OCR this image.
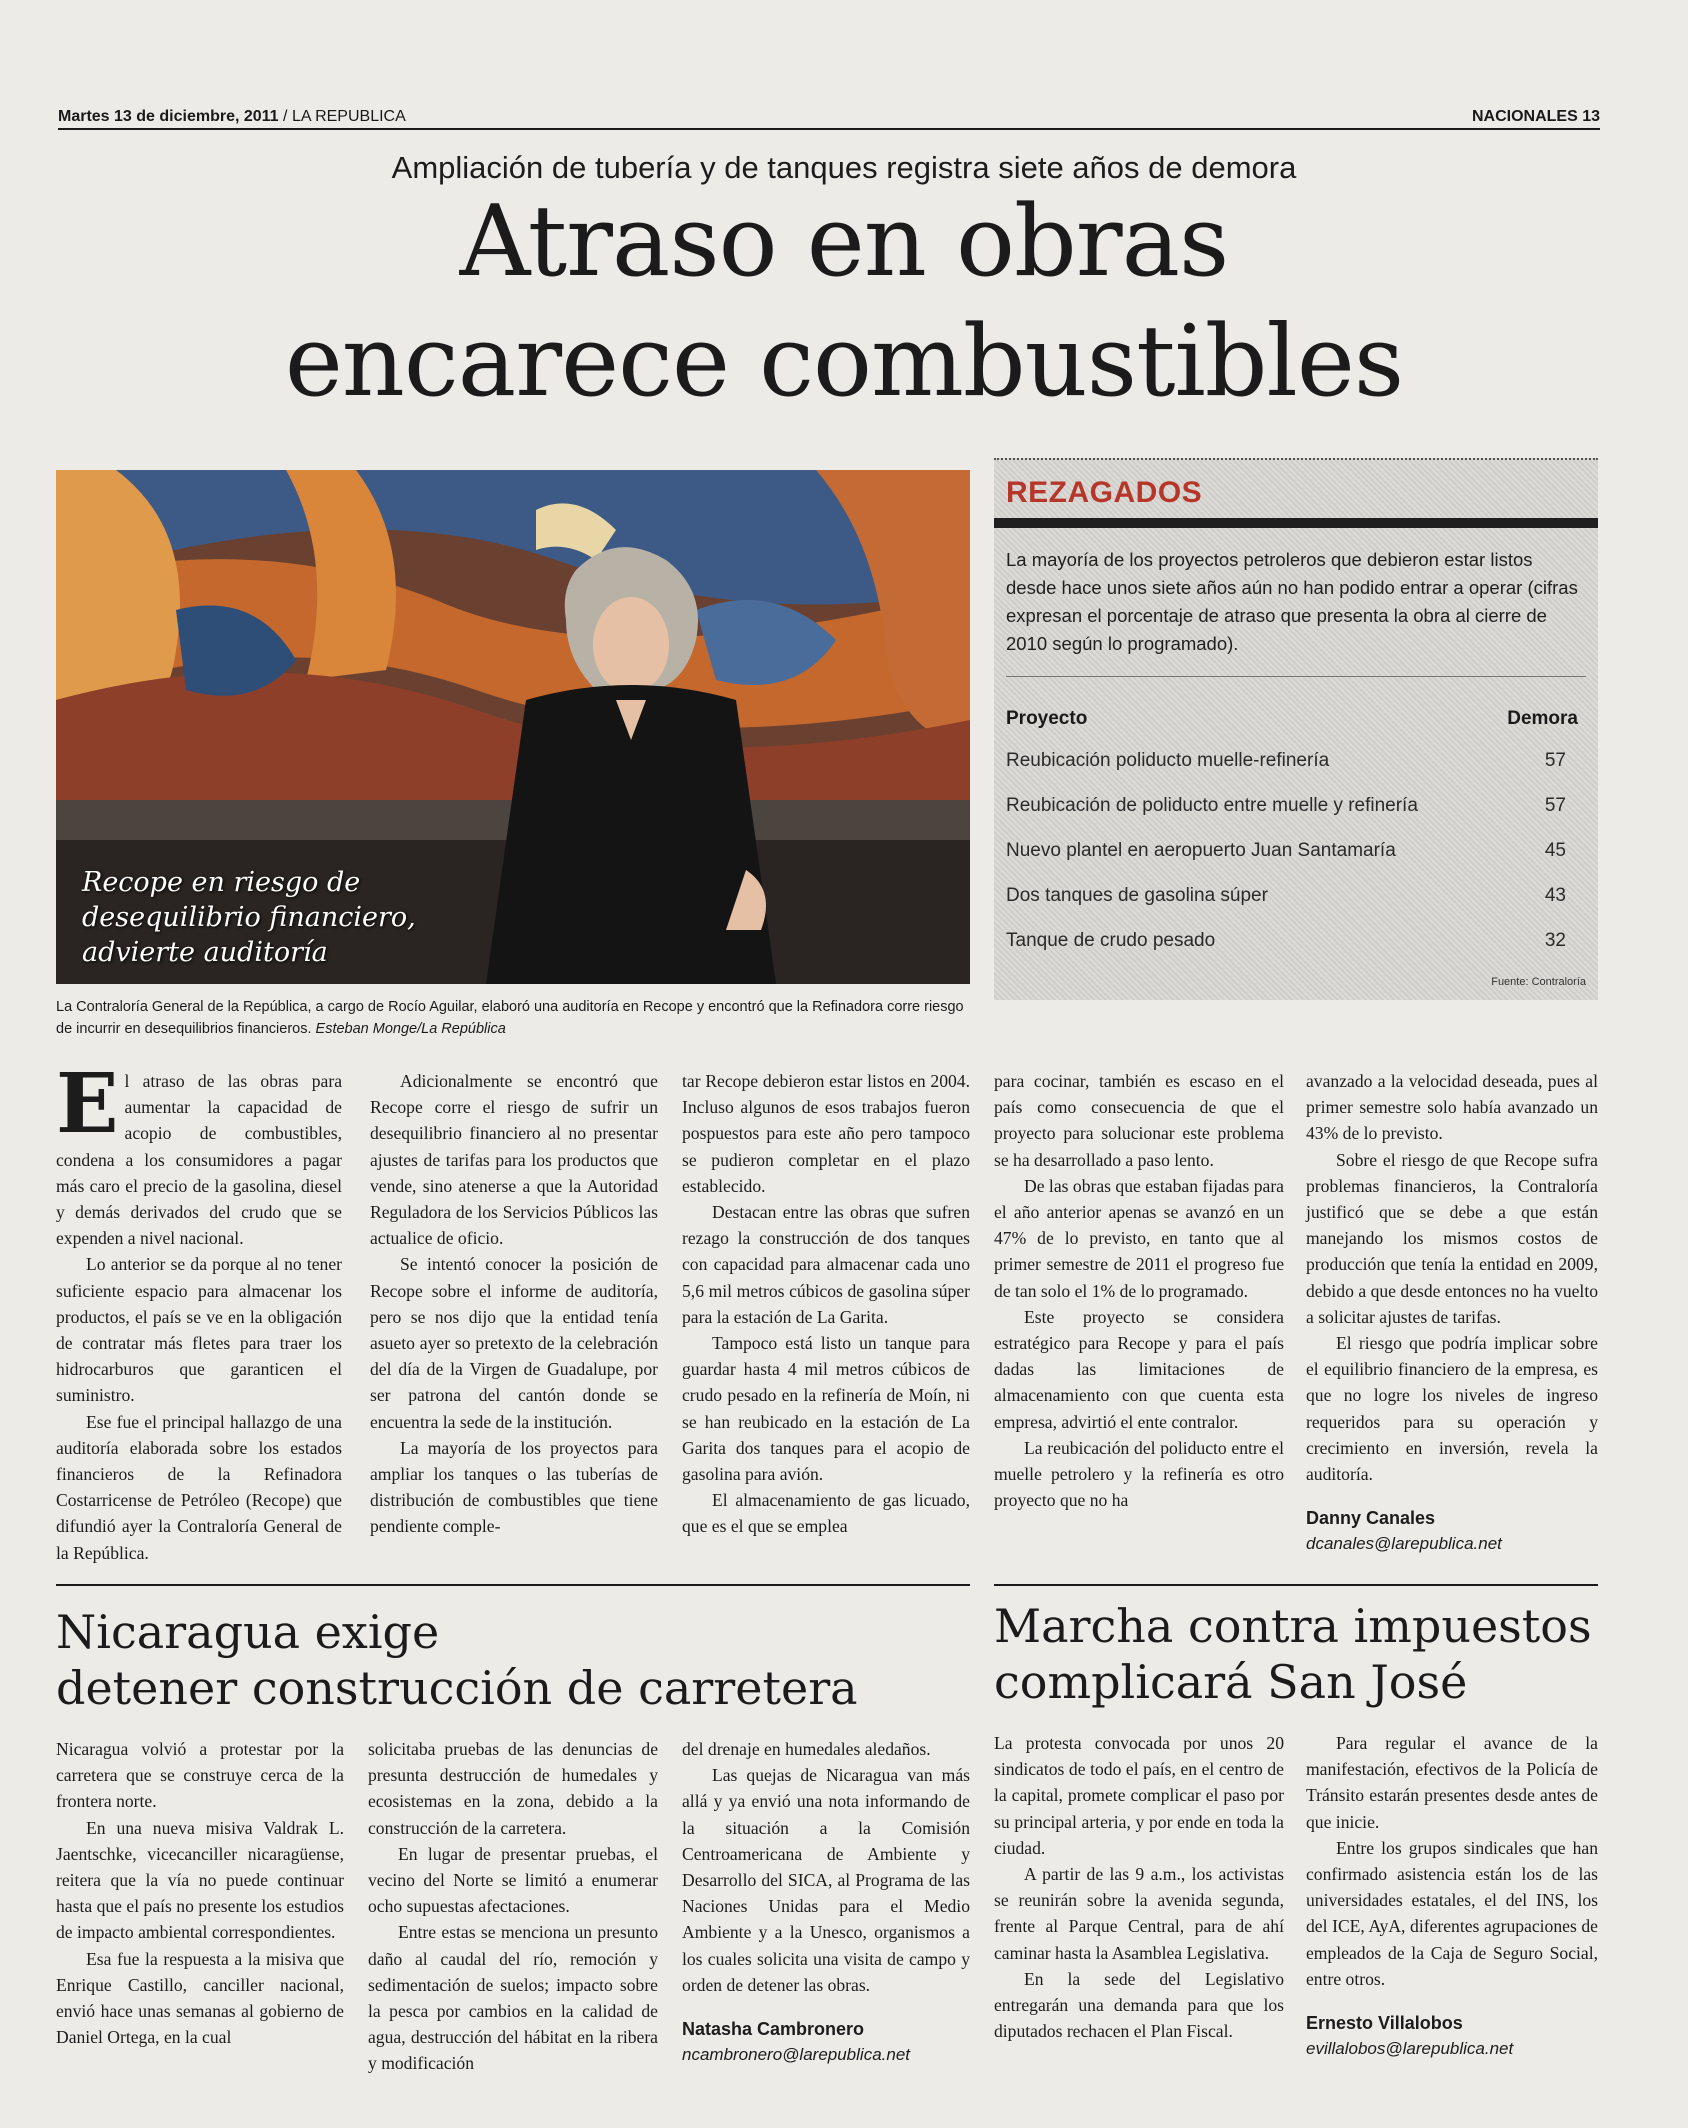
Martes 13 de diciembre, 2011 / LA REPUBLICA	NACIONALES 13
Ampliación de tubería y de tanques registra siete años de demora
Atraso en obras
encarece combustibles
Recope en riesgo de
desequilibrio financiero,
advierte auditoría
La Contraloría General de la República, a cargo de Rocío Aguilar, elaboró una auditoría en Recope y encontró que la Refinadora corre riesgo de incurrir en desequilibrios financieros. Esteban Monge/La República
REZAGADOS
La mayoría de los proyectos petroleros que debieron estar listos desde hace unos siete años aún no han podido entrar a operar (cifras expresan el porcentaje de atraso que presenta la obra al cierre de 2010 según lo programado).
Proyecto	Demora
Reubicación poliducto muelle-refinería	57
Reubicación de poliducto entre muelle y refinería	57
Nuevo plantel en aeropuerto Juan Santamaría	45
Dos tanques de gasolina súper	43
Tanque de crudo pesado	32
Fuente: Contraloría

El atraso de las obras para aumentar la capacidad de acopio de combustibles, condena a los consumidores a pagar más caro el precio de la gasolina, diesel y demás derivados del crudo que se expenden a nivel nacional.

Lo anterior se da porque al no tener suficiente espacio para almacenar los productos, el país se ve en la obligación de contratar más fletes para traer los hidrocarburos que garanticen el suministro.

Ese fue el principal hallazgo de una auditoría elaborada sobre los estados financieros de la Refinadora Costarricense de Petróleo (Recope) que difundió ayer la Contraloría General de la República.

Adicionalmente se encontró que Recope corre el riesgo de sufrir un desequilibrio financiero al no presentar ajustes de tarifas para los productos que vende, sino atenerse a que la Autoridad Reguladora de los Servicios Públicos las actualice de oficio.

Se intentó conocer la posición de Recope sobre el informe de auditoría, pero se nos dijo que la entidad tenía asueto ayer so pretexto de la celebración del día de la Virgen de Guadalupe, por ser patrona del cantón donde se encuentra la sede de la institución.

La mayoría de los proyectos para ampliar los tanques o las tuberías de distribución de combustibles que tiene pendiente comple-

tar Recope debieron estar listos en 2004. Incluso algunos de esos trabajos fueron pospuestos para este año pero tampoco se pudieron completar en el plazo establecido.

Destacan entre las obras que sufren rezago la construcción de dos tanques con capacidad para almacenar cada uno 5,6 mil metros cúbicos de gasolina súper para la estación de La Garita.

Tampoco está listo un tanque para guardar hasta 4 mil metros cúbicos de crudo pesado en la refinería de Moín, ni se han reubicado en la estación de La Garita dos tanques para el acopio de gasolina para avión.

El almacenamiento de gas licuado, que es el que se emplea

para cocinar, también es escaso en el país como consecuencia de que el proyecto para solucionar este problema se ha desarrollado a paso lento.

De las obras que estaban fijadas para el año anterior apenas se avanzó en un 47% de lo previsto, en tanto que al primer semestre de 2011 el progreso fue de tan solo el 1% de lo programado.

Este proyecto se considera estratégico para Recope y para el país dadas las limitaciones de almacenamiento con que cuenta esta empresa, advirtió el ente contralor.

La reubicación del poliducto entre el muelle petrolero y la refinería es otro proyecto que no ha

avanzado a la velocidad deseada, pues al primer semestre solo había avanzado un 43% de lo previsto.

Sobre el riesgo de que Recope sufra problemas financieros, la Contraloría justificó que se debe a que están manejando los mismos costos de producción que tenía la entidad en 2009, debido a que desde entonces no ha vuelto a solicitar ajustes de tarifas.

El riesgo que podría implicar sobre el equilibrio financiero de la empresa, es que no logre los niveles de ingreso requeridos para su operación y crecimiento en inversión, revela la auditoría.

Danny Canales
dcanales@larepublica.net
Nicaragua exige
detener construcción de carretera

Nicaragua volvió a protestar por la carretera que se construye cerca de la frontera norte.

En una nueva misiva Valdrak L. Jaentschke, vicecanciller nicaragüense, reitera que la vía no puede continuar hasta que el país no presente los estudios de impacto ambiental correspondientes.

Esa fue la respuesta a la misiva que Enrique Castillo, canciller nacional, envió hace unas semanas al gobierno de Daniel Ortega, en la cual

solicitaba pruebas de las denuncias de presunta destrucción de humedales y ecosistemas en la zona, debido a la construcción de la carretera.

En lugar de presentar pruebas, el vecino del Norte se limitó a enumerar ocho supuestas afectaciones.

Entre estas se menciona un presunto daño al caudal del río, remoción y sedimentación de suelos; impacto sobre la pesca por cambios en la calidad de agua, destrucción del hábitat en la ribera y modificación

del drenaje en humedales aledaños.

Las quejas de Nicaragua van más allá y ya envió una nota informando de la situación a la Comisión Centroamericana de Ambiente y Desarrollo del SICA, al Programa de las Naciones Unidas para el Medio Ambiente y a la Unesco, organismos a los cuales solicita una visita de campo y orden de detener las obras.

Natasha Cambronero
ncambronero@larepublica.net
Marcha contra impuestos
complicará San José

La protesta convocada por unos 20 sindicatos de todo el país, en el centro de la capital, promete complicar el paso por su principal arteria, y por ende en toda la ciudad.

A partir de las 9 a.m., los activistas se reunirán sobre la avenida segunda, frente al Parque Central, para de ahí caminar hasta la Asamblea Legislativa.

En la sede del Legislativo entregarán una demanda para que los diputados rechacen el Plan Fiscal.

Para regular el avance de la manifestación, efectivos de la Policía de Tránsito estarán presentes desde antes de que inicie.

Entre los grupos sindicales que han confirmado asistencia están los de las universidades estatales, el del INS, los del ICE, AyA, diferentes agrupaciones de empleados de la Caja de Seguro Social, entre otros.

Ernesto Villalobos
evillalobos@larepublica.net
